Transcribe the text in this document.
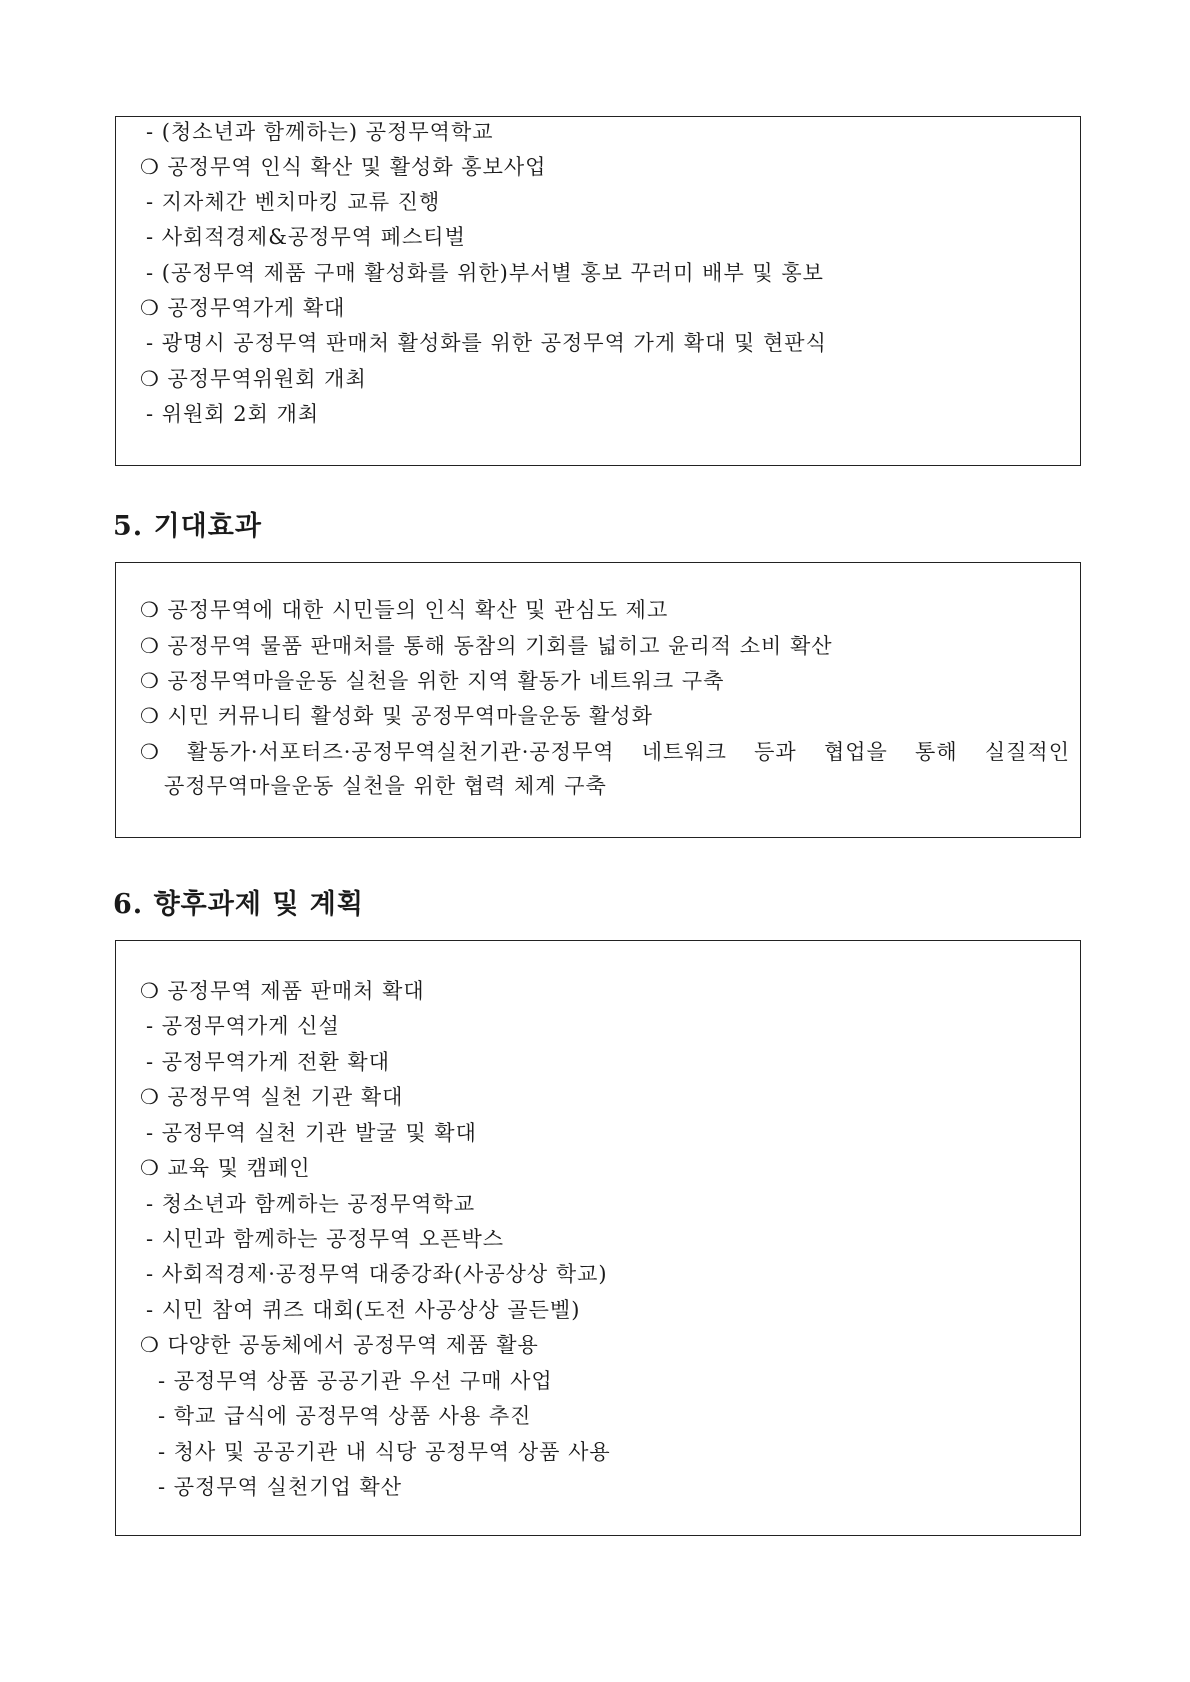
- (청소년과 함께하는) 공정무역학교
❍ 공정무역 인식 확산 및 활성화 홍보사업
- 지자체간 벤치마킹 교류 진행
- 사회적경제&공정무역 페스티벌
- (공정무역 제품 구매 활성화를 위한)부서별 홍보 꾸러미 배부 및 홍보
❍ 공정무역가게 확대
- 광명시 공정무역 판매처 활성화를 위한 공정무역 가게 확대 및 현판식
❍ 공정무역위원회 개최
- 위원회 2회 개최
5. 기대효과
❍ 공정무역에 대한 시민들의 인식 확산 및 관심도 제고
❍ 공정무역 물품 판매처를 통해 동참의 기회를 넓히고 윤리적 소비 확산
❍ 공정무역마을운동 실천을 위한 지역 활동가 네트워크 구축
❍ 시민 커뮤니티 활성화 및 공정무역마을운동 활성화
❍ 활동가·서포터즈·공정무역실천기관·공정무역 네트워크 등과 협업을 통해 실질적인
공정무역마을운동 실천을 위한 협력 체계 구축
6. 향후과제 및 계획
❍ 공정무역 제품 판매처 확대
- 공정무역가게 신설
- 공정무역가게 전환 확대
❍ 공정무역 실천 기관 확대
- 공정무역 실천 기관 발굴 및 확대
❍ 교육 및 캠페인
- 청소년과 함께하는 공정무역학교
- 시민과 함께하는 공정무역 오픈박스
- 사회적경제·공정무역 대중강좌(사공상상 학교)
- 시민 참여 퀴즈 대회(도전 사공상상 골든벨)
❍ 다양한 공동체에서 공정무역 제품 활용
- 공정무역 상품 공공기관 우선 구매 사업
- 학교 급식에 공정무역 상품 사용 추진
- 청사 및 공공기관 내 식당 공정무역 상품 사용
- 공정무역 실천기업 확산
